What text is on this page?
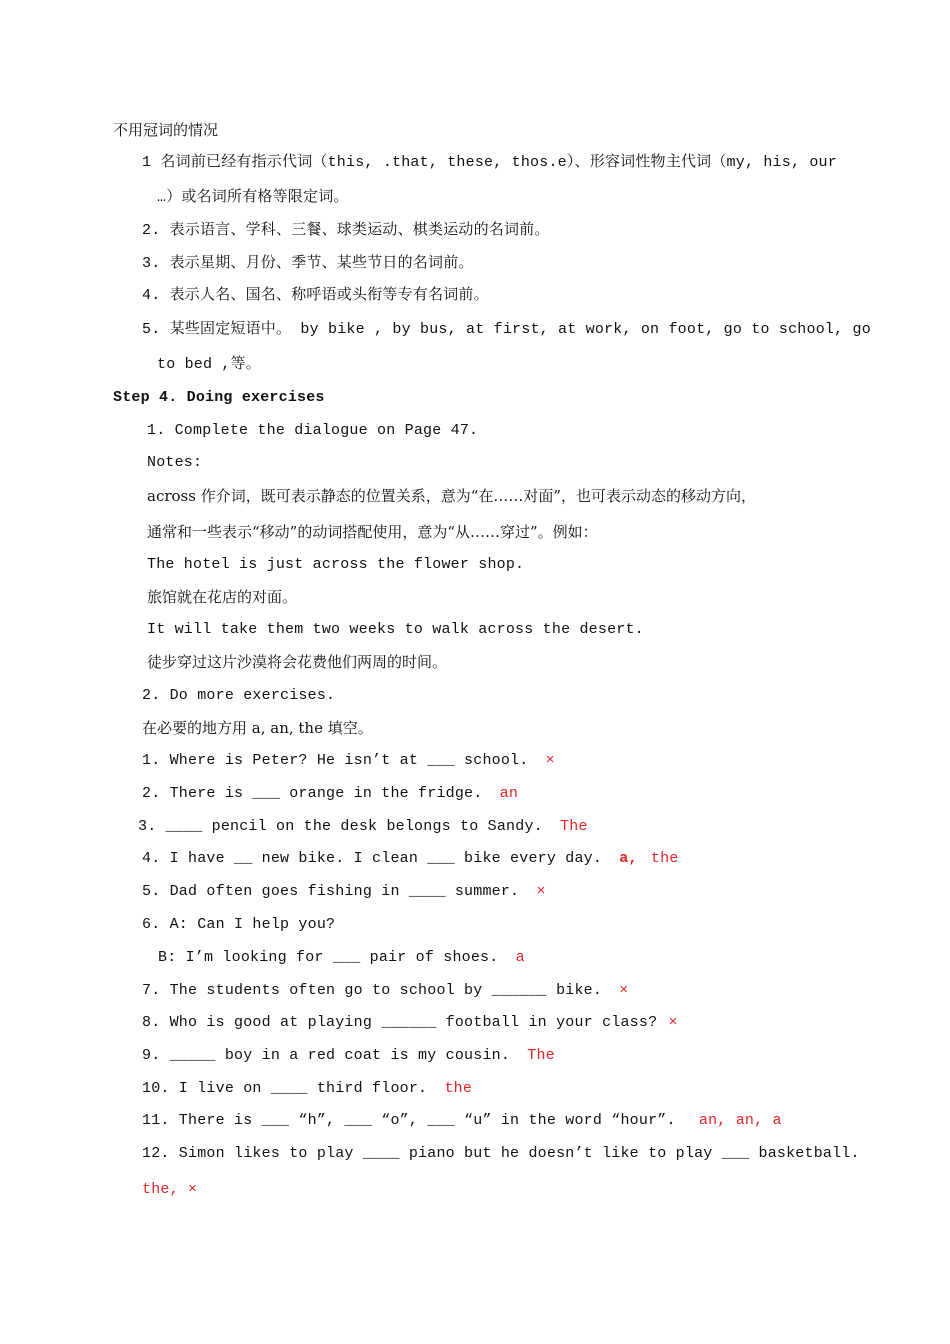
不用冠词的情况
1 名词前已经有指示代词（this, .that, these, thos.e）、形容词性物主代词（my, his, our
…）或名词所有格等限定词。
2. 表示语言、学科、三餐、球类运动、棋类运动的名词前。
3. 表示星期、月份、季节、某些节日的名词前。
4. 表示人名、国名、称呼语或头衔等专有名词前。
5. 某些固定短语中。 by bike , by bus, at first, at work, on foot, go to school, go
to bed ,等。
Step 4. Doing exercises
1. Complete the dialogue on Page 47.
Notes:
across 作介词，既可表示静态的位置关系，意为“在……对面”，也可表示动态的移动方向，
通常和一些表示“移动”的动词搭配使用，意为“从……穿过”。例如：
The hotel is just across the flower shop.
旅馆就在花店的对面。
It will take them two weeks to walk across the desert.
徒步穿过这片沙漠将会花费他们两周的时间。
2. Do more exercises.
在必要的地方用 a, an, the 填空。
1. Where is Peter? He isn’t at ___ school. ×
2. There is ___ orange in the fridge. an
3. ____ pencil on the desk belongs to Sandy. The
4. I have __ new bike. I clean ___ bike every day. a, the
5. Dad often goes fishing in ____ summer. ×
6. A: Can I help you?
B: I’m looking for ___ pair of shoes. a
7. The students often go to school by ______ bike. ×
8. Who is good at playing ______ football in your class? ×
9. _____ boy in a red coat is my cousin. The
10. I live on ____ third floor. the
11. There is ___ “h”, ___ “o”, ___ “u” in the word “hour”. an, an, a
12. Simon likes to play ____ piano but he doesn’t like to play ___ basketball.
the, ×
